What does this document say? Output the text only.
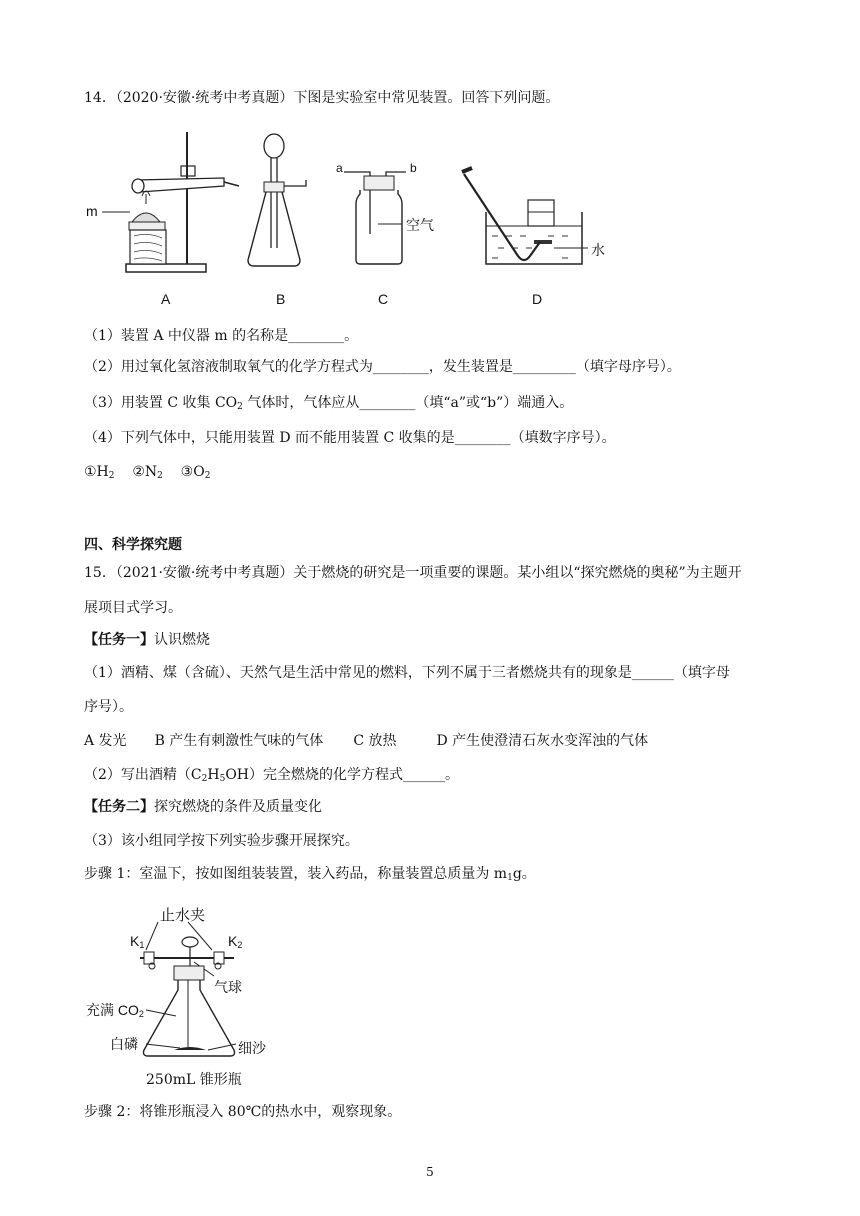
14．（2020·安徽·统考中考真题）下图是实验室中常见装置。回答下列问题。
m
a	b
空气
水
A	B	C	D
（1）装置 A 中仪器 m 的名称是________。
（2）用过氧化氢溶液制取氧气的化学方程式为________，发生装置是_________（填字母序号）。
（3）用装置 C 收集 $CO_2$ 气体时，气体应从________（填“a”或“b”）端通入。
（4）下列气体中，只能用装置 D 而不能用装置 C 收集的是________（填数字序号）。
$①H_2$ $②N_2$ $③O_2$
四、科学探究题
15．（2021·安徽·统考中考真题）关于燃烧的研究是一项重要的课题。某小组以“探究燃烧的奥秘”为主题开
展项目式学习。
【任务一】认识燃烧
（1）酒精、煤（含硫）、天然气是生活中常见的燃料，下列不属于三者燃烧共有的现象是______（填字母
序号）。
A 发光 B 产生有刺激性气味的气体 C 放热	D 产生使澄清石灰水变浑浊的气体
（2）写出酒精$(C_2H_5OH)$完全燃烧的化学方程式______。
【任务二】探究燃烧的条件及质量变化
（3）该小组同学按下列实验步骤开展探究。
步骤 1：室温下，按如图组装装置，装入药品，称量装置总质量为 $m_1g$。
止水夹
$K_1$	$K_2$
气球
充满 $CO_2$
白磷	细沙
250mL 锥形瓶
步骤 2：将锥形瓶浸入 80℃的热水中，观察现象。
5
